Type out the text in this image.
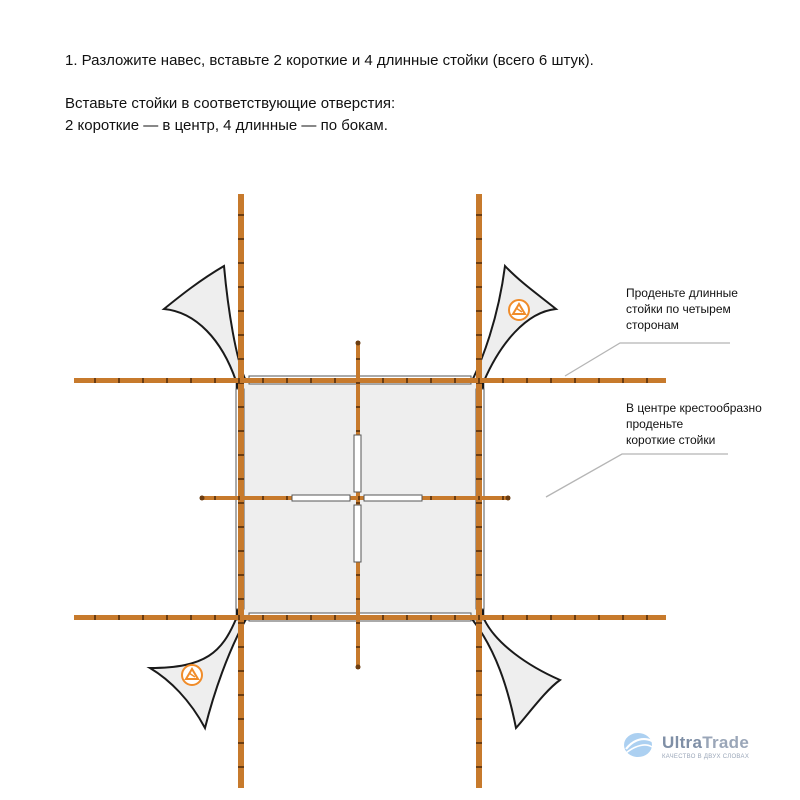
1. Разложите навес, вставьте 2 короткие и 4 длинные стойки (всего 6 штук).

Вставьте стойки в соответствующие отверстия:
2 короткие — в центр, 4 длинные — по бокам.
Проденьте длинные
стойки по четырем
сторонам
В центре крестообразно
проденьте
короткие стойки
UltraTrade
КАЧЕСТВО В ДВУХ СЛОВАХ
